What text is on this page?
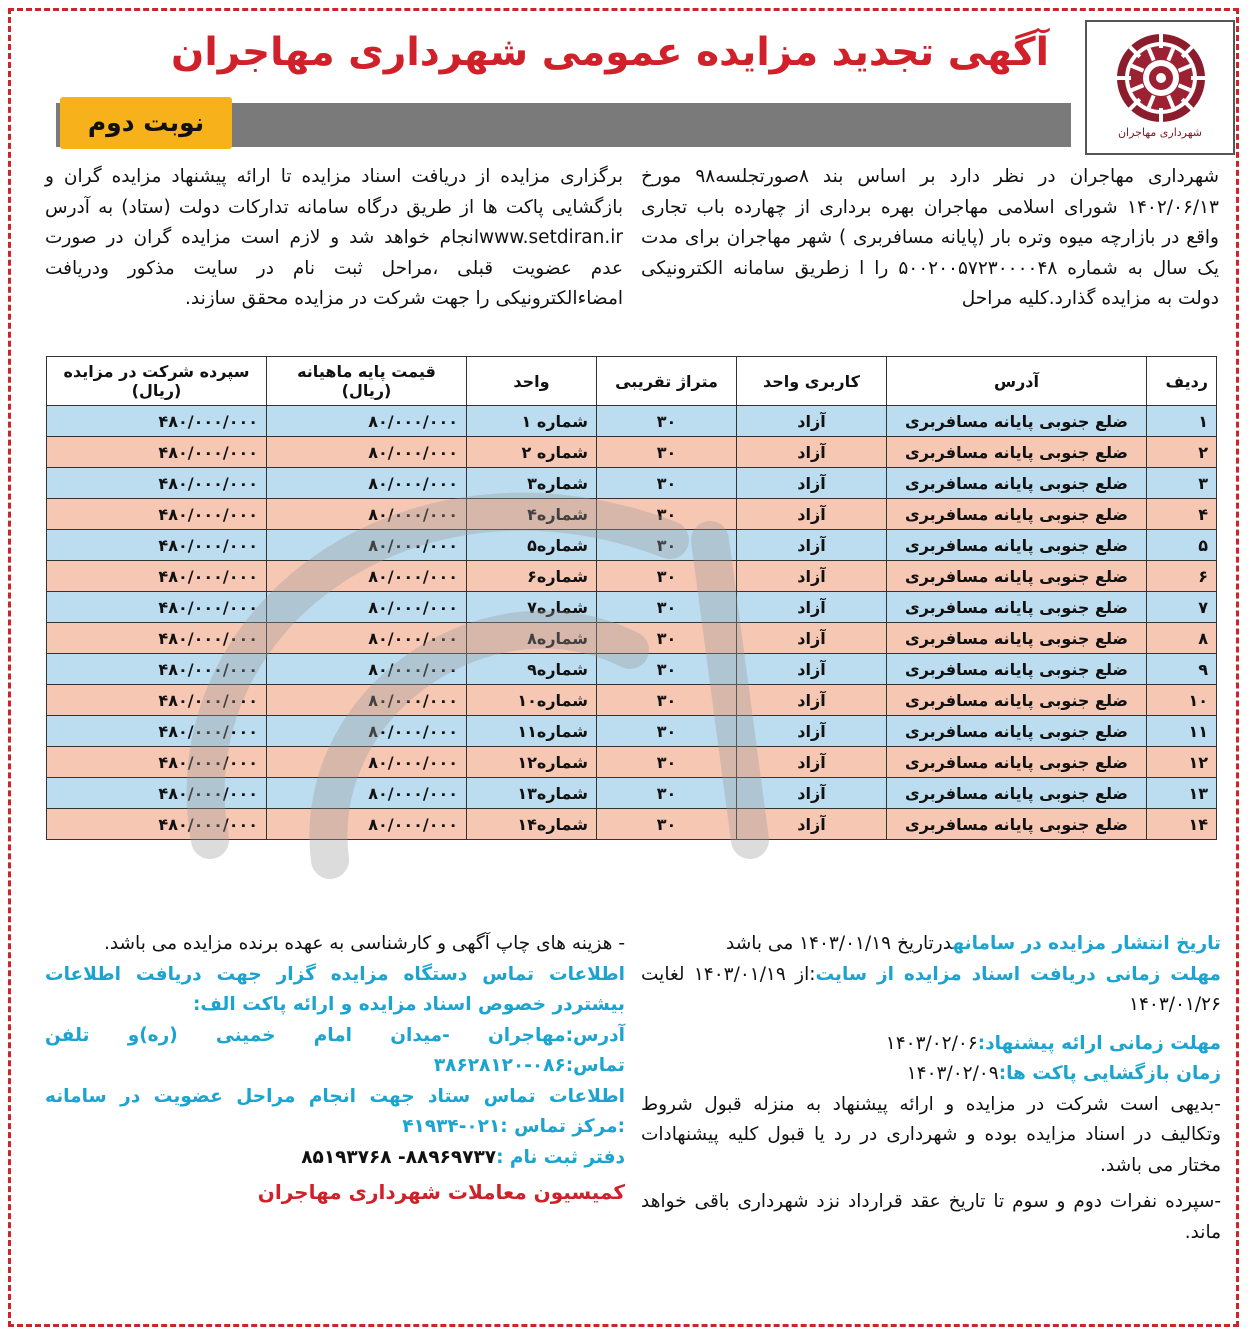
شهرداری مهاجران
آگهی تجدید مزایده عمومی شهرداری مهاجران
نوبت دوم
شهرداری مهاجران در نظر دارد بر اساس بند ۸صورتجلسه۹۸ مورخ ۱۴۰۲/۰۶/۱۳ شورای اسلامی مهاجران بهره برداری از چهارده باب تجاری واقع در بازارچه میوه وتره بار (پایانه مسافربری ) شهر مهاجران برای مدت یک سال به شماره ۵۰۰۲۰۰۵۷۲۳۰۰۰۰۴۸ را ا زطریق سامانه الکترونیکی دولت به مزایده گذارد.کلیه مراحل
برگزاری مزایده از دریافت اسناد مزایده تا ارائه پیشنهاد مزایده گران و بازگشایی پاکت ها از طریق درگاه سامانه تدارکات دولت (ستاد) به آدرس www.setdiran.irانجام خواهد شد و لازم است مزایده گران در صورت عدم عضویت قبلی ،مراحل ثبت نام در سایت مذکور ودریافت امضاءالکترونیکی را جهت شرکت در مزایده محقق سازند.
ردیف	آدرس	کاربری واحد	متراژ تقریبی	واحد	قیمت پایه ماهیانه (ریال)	سپرده شرکت در مزایده (ریال)
۱	ضلع جنوبی پایانه مسافربری	آزاد	۳۰	شماره ۱	۸۰/۰۰۰/۰۰۰	۴۸۰/۰۰۰/۰۰۰
۲	ضلع جنوبی پایانه مسافربری	آزاد	۳۰	شماره ۲	۸۰/۰۰۰/۰۰۰	۴۸۰/۰۰۰/۰۰۰
۳	ضلع جنوبی پایانه مسافربری	آزاد	۳۰	شماره۳	۸۰/۰۰۰/۰۰۰	۴۸۰/۰۰۰/۰۰۰
۴	ضلع جنوبی پایانه مسافربری	آزاد	۳۰	شماره۴	۸۰/۰۰۰/۰۰۰	۴۸۰/۰۰۰/۰۰۰
۵	ضلع جنوبی پایانه مسافربری	آزاد	۳۰	شماره۵	۸۰/۰۰۰/۰۰۰	۴۸۰/۰۰۰/۰۰۰
۶	ضلع جنوبی پایانه مسافربری	آزاد	۳۰	شماره۶	۸۰/۰۰۰/۰۰۰	۴۸۰/۰۰۰/۰۰۰
۷	ضلع جنوبی پایانه مسافربری	آزاد	۳۰	شماره۷	۸۰/۰۰۰/۰۰۰	۴۸۰/۰۰۰/۰۰۰
۸	ضلع جنوبی پایانه مسافربری	آزاد	۳۰	شماره۸	۸۰/۰۰۰/۰۰۰	۴۸۰/۰۰۰/۰۰۰
۹	ضلع جنوبی پایانه مسافربری	آزاد	۳۰	شماره۹	۸۰/۰۰۰/۰۰۰	۴۸۰/۰۰۰/۰۰۰
۱۰	ضلع جنوبی پایانه مسافربری	آزاد	۳۰	شماره۱۰	۸۰/۰۰۰/۰۰۰	۴۸۰/۰۰۰/۰۰۰
۱۱	ضلع جنوبی پایانه مسافربری	آزاد	۳۰	شماره۱۱	۸۰/۰۰۰/۰۰۰	۴۸۰/۰۰۰/۰۰۰
۱۲	ضلع جنوبی پایانه مسافربری	آزاد	۳۰	شماره۱۲	۸۰/۰۰۰/۰۰۰	۴۸۰/۰۰۰/۰۰۰
۱۳	ضلع جنوبی پایانه مسافربری	آزاد	۳۰	شماره۱۳	۸۰/۰۰۰/۰۰۰	۴۸۰/۰۰۰/۰۰۰
۱۴	ضلع جنوبی پایانه مسافربری	آزاد	۳۰	شماره۱۴	۸۰/۰۰۰/۰۰۰	۴۸۰/۰۰۰/۰۰۰

تاریخ انتشار مزایده در سامانهدرتاریخ ۱۴۰۳/۰۱/۱۹ می باشد

مهلت زمانی دریافت اسناد مزایده از سایت:از ۱۴۰۳/۰۱/۱۹ لغایت ۱۴۰۳/۰۱/۲۶

مهلت زمانی ارائه پیشنهاد:۱۴۰۳/۰۲/۰۶

زمان بازگشایی پاکت ها:۱۴۰۳/۰۲/۰۹

-بدیهی است شرکت در مزایده و ارائه پیشنهاد به منزله قبول شروط وتکالیف در اسناد مزایده بوده و شهرداری در رد یا قبول کلیه پیشنهادات مختار می باشد.

-سپرده نفرات دوم و سوم تا تاریخ عقد قرارداد نزد شهرداری باقی خواهد ماند.

- هزینه های چاپ آگهی و کارشناسی به عهده برنده مزایده می باشد.

اطلاعات تماس دستگاه مزایده گزار جهت دریافت اطلاعات بیشتردر خصوص اسناد مزایده و ارائه پاکت الف:

آدرس:مهاجران -میدان امام خمینی (ره)و تلفن تماس:۰۸۶-۳۸۶۲۸۱۲۰

اطلاعات تماس ستاد جهت انجام مراحل عضویت در سامانه :مرکز تماس :۰۲۱-۴۱۹۳۴

دفتر ثبت نام :۸۸۹۶۹۷۳۷- ۸۵۱۹۳۷۶۸

کمیسیون معاملات شهرداری مهاجران
